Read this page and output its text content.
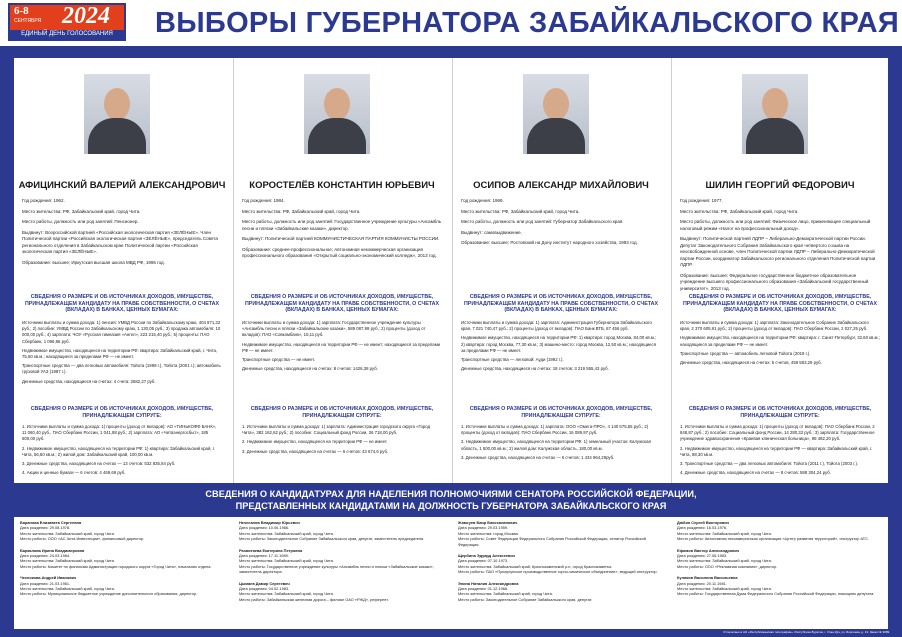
6-8
СЕНТЯБРЯ 2024
ЕДИНЫЙ ДЕНЬ ГОЛОСОВАНИЯ	ВЫБОРЫ ГУБЕРНАТОРА ЗАБАЙКАЛЬСКОГО КРАЯ
АФИЦИНСКИЙ ВАЛЕРИЙ АЛЕКСАНДРОВИЧ

Год рождения: 1962.

Место жительства: РФ, Забайкальский край, город Чита.

Место работы, должность или род занятий: Пенсионер.

Выдвинут: Всероссийской партией «Российская экологическая партия «ЗЕЛЁНЫЕ». Член Политической партии «Российская экологическая партия «ЗЕЛЁНЫЕ», председатель Совета регионального отделения в Забайкальском крае Политической партии «Российская экологическая партия «ЗЕЛЁНЫЕ».

Образование: высшее; Иркутская высшая школа МВД РФ, 1996 год.

СВЕДЕНИЯ О РАЗМЕРЕ И ОБ ИСТОЧНИКАХ ДОХОДОВ, ИМУЩЕСТВЕ, ПРИНАДЛЕЖАЩЕМ КАНДИДАТУ НА ПРАВЕ СОБСТВЕННОСТИ, О СЧЕТАХ (ВКЛАДАХ) В БАНКАХ, ЦЕННЫХ БУМАГАХ:

Источники выплаты и сумма дохода: 1) пенсия: УМВД России по Забайкальскому краю, 404 971,32 руб.; 2) пособие: УМВД России по Забайкальскому краю, 1 130,05 руб.; 3) продажа автомобиля: 10 000,00 руб.; 4) зарплата: ЧОУ «Русская гимназия «Ангел», 223 215,40 руб.; 5) проценты: ПАО Сбербанк, 1 096,86 руб.

Недвижимое имущество, находящееся на территории РФ: квартира: Забайкальский край, г. Чита, 75,60 кв.м.; находящиеся за пределами РФ — не имеет.

Транспортные средства — два легковых автомобиля: Тойота (1999 г.), Тойота (2001 г.); автомобиль грузовой УАЗ (1987 г.).

Денежные средства, находящиеся на счетах: 4 счета: 2582,27 руб.

СВЕДЕНИЯ О РАЗМЕРЕ И ОБ ИСТОЧНИКАХ ДОХОДОВ, ИМУЩЕСТВЕ, ПРИНАДЛЕЖАЩЕМ СУПРУГЕ:

1. Источники выплаты и сумма дохода: 1) проценты (доход от вкладов): АО «ТИНЬКОФФ БАНК», 11 060,40 руб., ПАО Сбербанк России, 1 041,88 руб.; 2) зарплата: АО «Читаэнергосбыт», 185 600,00 руб.

2. Недвижимое имущество, находящееся на территории РФ: 1) квартира: Забайкальский край, г. Чита, 56,60 кв.м.; 2) жилой дом: Забайкальский край, 100,00 кв.м.

3. Денежные средства, находящиеся на счетах — 13 счетов: 532 835,84 руб.

4. Акции и ценные бумаги — 6 счетов: 4 469,69 руб.

КОРОСТЕЛЁВ КОНСТАНТИН ЮРЬЕВИЧ

Год рождения: 1984.

Место жительства: РФ, Забайкальский край, город Чита.

Место работы, должность или род занятий: Государственное учреждение культуры «Ансамбль песни и пляски «Забайкальские казаки», директор.

Выдвинут: Политической партией КОММУНИСТИЧЕСКАЯ ПАРТИЯ КОММУНИСТЫ РОССИИ.

Образование: среднее-профессиональное; Автономная некоммерческая организация профессионального образования «Открытый социально-экономический колледж», 2013 год.

СВЕДЕНИЯ О РАЗМЕРЕ И ОБ ИСТОЧНИКАХ ДОХОДОВ, ИМУЩЕСТВЕ, ПРИНАДЛЕЖАЩЕМ КАНДИДАТУ НА ПРАВЕ СОБСТВЕННОСТИ, О СЧЕТАХ (ВКЛАДАХ) В БАНКАХ, ЦЕННЫХ БУМАГАХ:

Источники выплаты и сумма дохода: 1) зарплата: Государственное учреждение культуры «Ансамбль песни и пляски «Забайкальские казаки», 589 087,99 руб.; 2) проценты (доход от вкладов): ПАО «Совкомбанк», 15,11 руб.

Недвижимое имущество, находящееся на территории РФ — не имеет; находящиеся за пределами РФ — не имеет.

Транспортные средства — не имеет.

Денежные средства, находящиеся на счетах: 8 счетов: 1426,38 руб.

СВЕДЕНИЯ О РАЗМЕРЕ И ОБ ИСТОЧНИКАХ ДОХОДОВ, ИМУЩЕСТВЕ, ПРИНАДЛЕЖАЩЕМ СУПРУГЕ:

1. Источники выплаты и сумма дохода: 1) зарплата: Администрация городского округа «Город Чита», 382 162,62 руб.; 2) пособие: Социальный фонд России, 36 718,00 руб.

2. Недвижимое имущество, находящееся на территории РФ — не имеет.

3. Денежные средства, находящиеся на счетах — 6 счетов: 43 674,6 руб.

ОСИПОВ АЛЕКСАНДР МИХАЙЛОВИЧ

Год рождения: 1969.

Место жительства: РФ, Забайкальский край, город Чита.

Место работы, должность или род занятий: Губернатор Забайкальского края.

Выдвинут: самовыдвижение.

Образование: высшее; Ростовский на Дону институт народного хозяйства, 1993 год.

СВЕДЕНИЯ О РАЗМЕРЕ И ОБ ИСТОЧНИКАХ ДОХОДОВ, ИМУЩЕСТВЕ, ПРИНАДЛЕЖАЩЕМ КАНДИДАТУ НА ПРАВЕ СОБСТВЕННОСТИ, О СЧЕТАХ (ВКЛАДАХ) В БАНКАХ, ЦЕННЫХ БУМАГАХ:

Источники выплаты и сумма дохода: 1) зарплата: Администрация Губернатора Забайкальского края, 7 021 740,47 руб.; 2) проценты (доход от вкладов): ПАО Банк ВТБ, 87 456 руб.

Недвижимое имущество, находящееся на территории РФ: 1) квартира: город Москва, 84,00 кв.м.; 2) квартира: город Москва, 77,30 кв.м.; 3) машино-место: город Москва, 12,50 кв.м.; находящиеся за пределами РФ — не имеет.

Транспортные средства — легковой: Ауди (1992 г.).

Денежные средства, находящиеся на счетах: 18 счетов: 3 219 555,43 руб.

СВЕДЕНИЯ О РАЗМЕРЕ И ОБ ИСТОЧНИКАХ ДОХОДОВ, ИМУЩЕСТВЕ, ПРИНАДЛЕЖАЩЕМ СУПРУГЕ:

1. Источники выплаты и сумма дохода: 1) зарплата: ООО «Омега-ПРО», 4 140 675,55 руб.; 2) проценты (доход от вкладов): ПАО Сбербанк России, 16 089,97 руб.

2. Недвижимое имущество, находящееся на территории РФ: 1) земельный участок: Калужская область, 1 500,00 кв.м.; 2) жилой дом: Калужская область, 180,00 кв.м.

3. Денежные средства, находящиеся на счетах — 6 счетов: 1 434 964,29руб.

ШИЛИН ГЕОРГИЙ ФЕДОРОВИЧ

Год рождения: 1977.

Место жительства: РФ, Забайкальский край, город Чита.

Место работы, должность или род занятий: Физическое лицо, применяющее специальный налоговый режим «Налог на профессиональный доход».

Выдвинут: Политической партией ЛДПР – Либерально-Демократической партии России. Депутат Законодательного Собрания Забайкальского края четвертого созыва на неосвобожденной основе, член Политической партии ЛДПР – Либерально-Демократической партии России, координатор Забайкальского регионального отделения Политической партии ЛДПР.

Образование: высшее; Федеральное государственное бюджетное образовательное учреждение высшего профессионального образования «Забайкальский государственный университет», 2013 год.

СВЕДЕНИЯ О РАЗМЕРЕ И ОБ ИСТОЧНИКАХ ДОХОДОВ, ИМУЩЕСТВЕ, ПРИНАДЛЕЖАЩЕМ КАНДИДАТУ НА ПРАВЕ СОБСТВЕННОСТИ, О СЧЕТАХ (ВКЛАДАХ) В БАНКАХ, ЦЕННЫХ БУМАГАХ:

Источники выплаты и сумма дохода: 1) зарплата: Законодательное Собрание Забайкальского края, 2 370 605,91 руб.; 2) проценты (доход от вкладов): ПАО Сбербанк России, 2 027,25 руб.

Недвижимое имущество, находящееся на территории РФ: квартира: г. Санкт-Петербург, 32,60 кв.м.; находящиеся за пределами РФ — не имеет.

Транспортные средства — автомобиль легковой Тойота (2019 г.).

Денежные средства, находящиеся на счетах: 5 счетов, 459 583,29 руб.

СВЕДЕНИЯ О РАЗМЕРЕ И ОБ ИСТОЧНИКАХ ДОХОДОВ, ИМУЩЕСТВЕ, ПРИНАДЛЕЖАЩЕМ СУПРУГЕ:

1. Источники выплаты и сумма дохода: 1) проценты (доход от вкладов): ПАО Сбербанк России, 2 848,87 руб.; 2) пособие: Социальный фонд России, 14 280,32 руб.; 3) зарплата: Государственное учреждение здравоохранения «Краевая клиническая больница», 98 482,20 руб.

2. Недвижимое имущество, находящееся на территории РФ — квартира: Забайкальский край, г. Чита, 88,30 кв.м.

3. Транспортные средства — два легковых автомобиля: Тойота (2011 г.), Тойота (2003 г.).

4. Денежные средства, находящиеся на счетах — 8 счетов: 588 304,24 руб.

СВЕДЕНИЯ О КАНДИДАТУРАХ ДЛЯ НАДЕЛЕНИЯ ПОЛНОМОЧИЯМИ СЕНАТОРА РОССИЙСКОЙ ФЕДЕРАЦИИ,
ПРЕДСТАВЛЕННЫХ КАНДИДАТАМИ НА ДОЛЖНОСТЬ ГУБЕРНАТОРА ЗАБАЙКАЛЬСКОГО КРАЯ
Баранова Елизавета Сергеевна
Дата рождения: 29.08.1978.
Место жительства: Забайкальский край, город Чита.
Место работы: ООО «АС-Чита Инвестиции», финансовый директор.
Баркалова Ирина Владимировна
Дата рождения: 24.03.1984.
Место жительства: Забайкальский край, город Чита.
Место работы: Комитет по финансам Администрации городского округа «Город Чита», начальник отдела.
Чеснокова Андрей Иванович
Дата рождения: 21.03.1961.
Место жительства: Забайкальский край, город Чита.
Место работы: Муниципальное бюджетное учреждение дополнительного образования, директор.
Нечесанов Владимир Юрьевич
Дата рождения: 10.06.1966.
Место жительства: Забайкальский край, город Чита.
Место работы: Законодательное Собрание Забайкальского края, депутат, заместитель председателя.
Размотаева Екатерина Петровна
Дата рождения: 17.11.1989.
Место жительства: Забайкальский край, город Чита.
Место работы: Государственное учреждение культуры «Ансамбль песни и пляски «Забайкальские казаки», заместитель директора.
Цымаев Дамир Сергеевич
Дата рождения: 04.02.1983.
Место жительства: Забайкальский край, город Чита.
Место работы: Забайкальская железная дорога – филиал ОАО «РЖД», референт.
Жамсуев Баир Баясхаланович
Дата рождения: 29.03.1959.
Место жительства: город Москва.
Место работы: Совет Федерации Федерального Собрания Российской Федерации, сенатор Российской Федерации.
Щербина Эдуард Алексеевич
Дата рождения: 07.10.1973.
Место жительства: Забайкальский край, Краснокаменский р-н, город Краснокаменск.
Место работы: ПАО «Приаргунское производственное горно-химическое объединение», ведущий инструктор.
Элина Наталия Александровна
Дата рождения: 01.12.1968.
Место жительства: Забайкальский край, город Чита.
Место работы: Законодательное Собрание Забайкальского края, депутат.
Дюбин Сергей Викторович
Дата рождения: 16.03.1976.
Место жительства: Забайкальский край, город Чита.
Место работы: Автономная некоммерческая организация «Центр развития территорий», инструктор АТС.
Ефимов Виктор Александрович
Дата рождения: 27.06.1983.
Место жительства: Забайкальский край, город Чита.
Место работы: ООО «Рекламная компания», директор.
Куликов Василина Васильевна
Дата рождения: 20.11.1981.
Место жительства: Забайкальский край, город Чита.
Место работы: Государственная Дума Федерального Собрания Российской Федерации, помощник депутата.
Отпечатано в АО «Республиканская типография», Республика Бурятия, г. Улан-Удэ, ул. Борсоева, д. 13. Заказ № 3089.
